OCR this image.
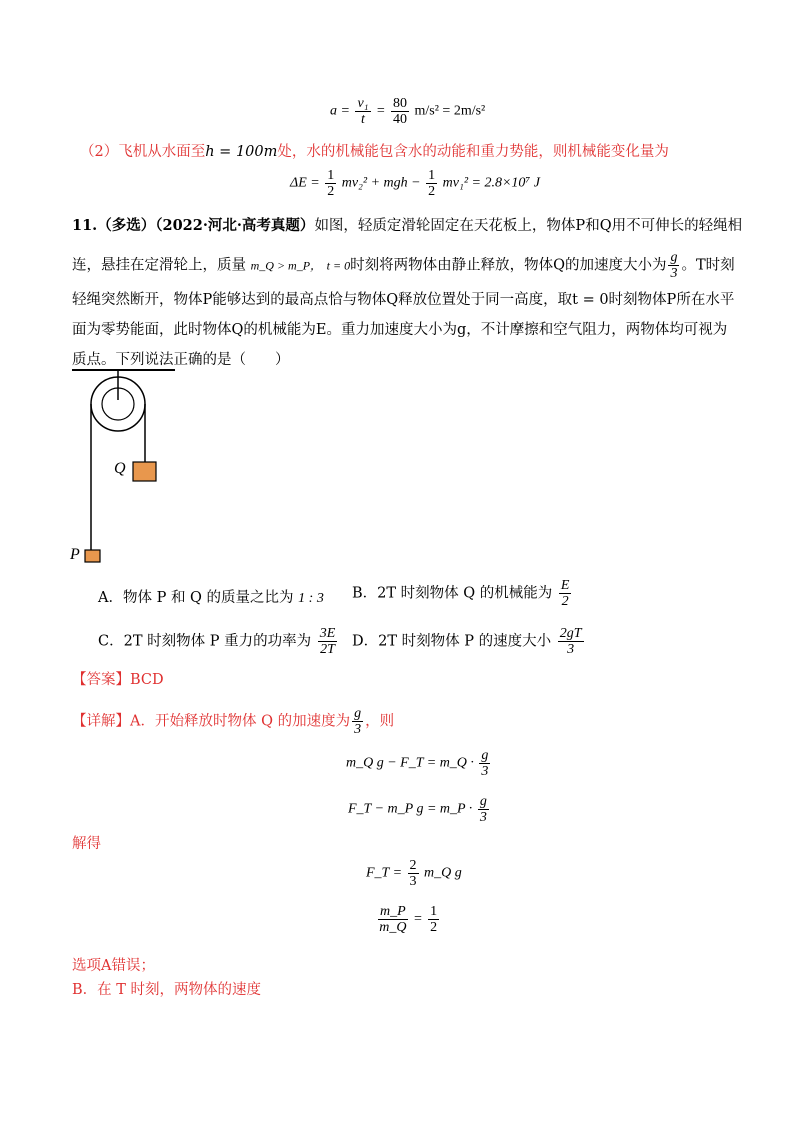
$a = \frac{\text{v₁}}{t} = \frac{80}{40} m/s^2 = 2m/s^2$
（2）飞机从水面至h = 100m处，水的机械能包含水的动能和重力势能，则机械能变化量为
$\Delta E = \frac{1}{2} mv_2^2$ + mgh − $\frac{1}{2} mv_1^2 = 2.8\times 10^7$ J
11.（多选）（2022·河北·高考真题）如图，轻质定滑轮固定在天花板上，物体P和Q用不可伸长的轻绳相
连，悬挂在定滑轮上，质量 m_Q > m_P， t = 0时刻将两物体由静止释放，物体Q的加速度大小为 $\frac{g}{3}$ 。T时刻
轻绳突然断开，物体P能够达到的最高点恰与物体Q释放位置处于同一高度，取t = 0时刻物体P所在水平
面为零势能面，此时物体Q的机械能为E。重力加速度大小为g，不计摩擦和空气阻力，两物体均可视为
质点。下列说法正确的是（　　）
Q
P
A．物体 P 和 Q 的质量之比为 1 : 3 B．2T 时刻物体 Q 的机械能为 $\frac{E}{2}$
C．2T 时刻物体 P 重力的功率为 $\frac{3E}{2T}$ D．2T 时刻物体 P 的速度大小 $\frac{2gT}{3}$
【答案】BCD
【详解】A．开始释放时物体 Q 的加速度为 $\frac{g}{3}$ ，则
m_Q g − F_T = m_Q · $\frac{g}{3}$
F_T − m_P g = m_P · $\frac{g}{3}$
解得
F_T = $\frac{2}{3}$ m_Q g
$\frac{m\_P}{m\_Q} = \frac{1}{2}$
选项A错误；
B．在 T 时刻，两物体的速度
